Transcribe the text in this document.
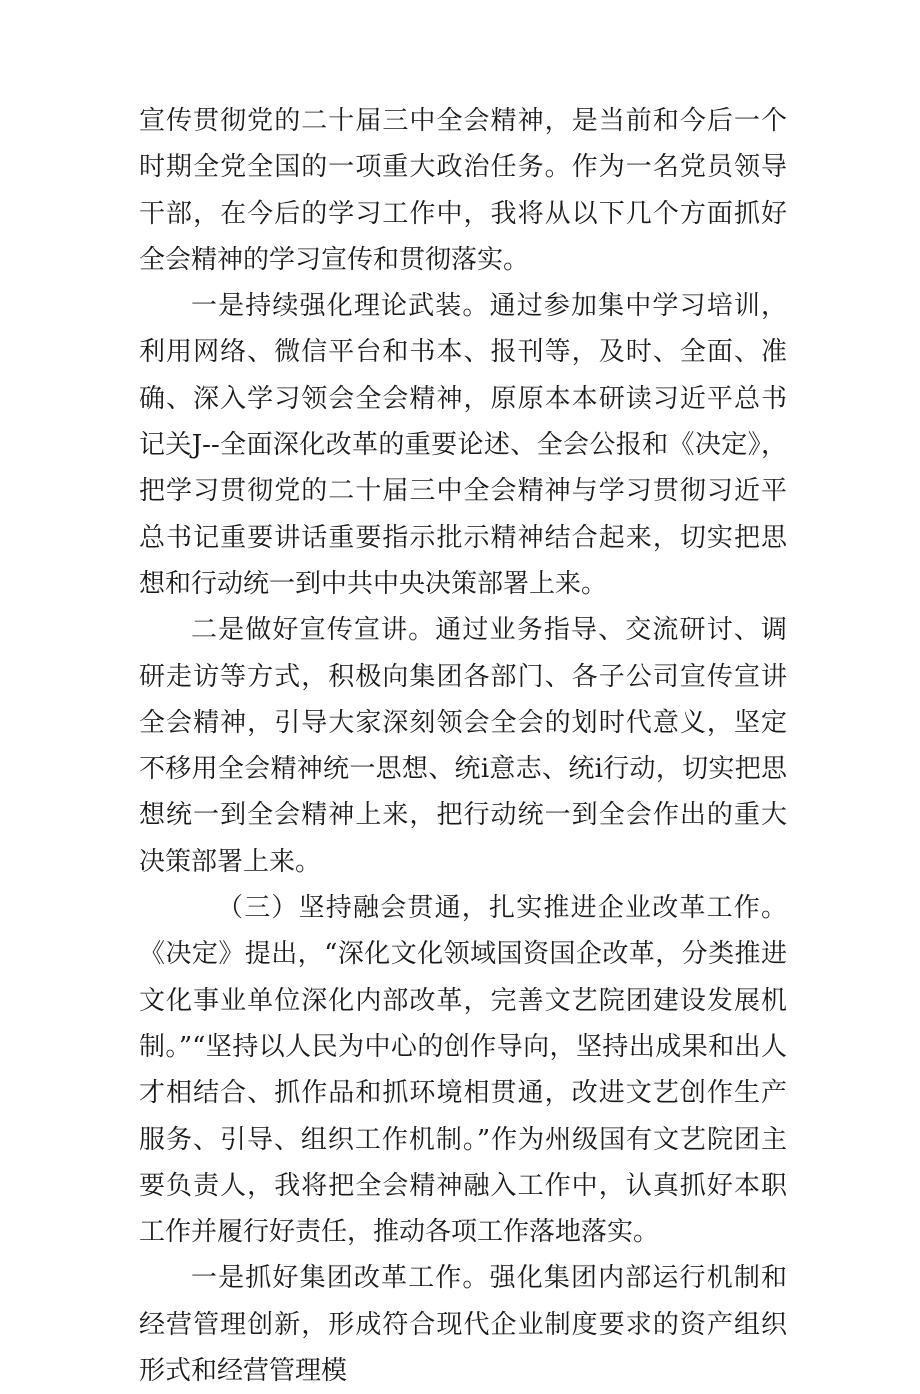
宣传贯彻党的二十届三中全会精神，是当前和今后一个时期全党全国的一项重大政治任务。作为一名党员领导干部，在今后的学习工作中，我将从以下几个方面抓好全会精神的学习宣传和贯彻落实。

一是持续强化理论武装。通过参加集中学习培训，利用网络、微信平台和书本、报刊等，及时、全面、准确、深入学习领会全会精神，原原本本研读习近平总书记关J--全面深化改革的重要论述、全会公报和《决定》，把学习贯彻党的二十届三中全会精神与学习贯彻习近平总书记重要讲话重要指示批示精神结合起来，切实把思想和行动统一到中共中央决策部署上来。

二是做好宣传宣讲。通过业务指导、交流研讨、调研走访等方式，积极向集团各部门、各子公司宣传宣讲全会精神，引导大家深刻领会全会的划时代意义，坚定不移用全会精神统一思想、统i意志、统i行动，切实把思想统一到全会精神上来，把行动统一到全会作出的重大决策部署上来。

（三）坚持融会贯通，扎实推进企业改革工作。《决定》提出，“深化文化领域国资国企改革，分类推进文化事业单位深化内部改革，完善文艺院团建设发展机制。”“坚持以人民为中心的创作导向，坚持出成果和出人才相结合、抓作品和抓环境相贯通，改进文艺创作生产服务、引导、组织工作机制。”作为州级国有文艺院团主要负责人，我将把全会精神融入工作中，认真抓好本职工作并履行好责任，推动各项工作落地落实。

一是抓好集团改革工作。强化集团内部运行机制和经营管理创新，形成符合现代企业制度要求的资产组织形式和经营管理模
